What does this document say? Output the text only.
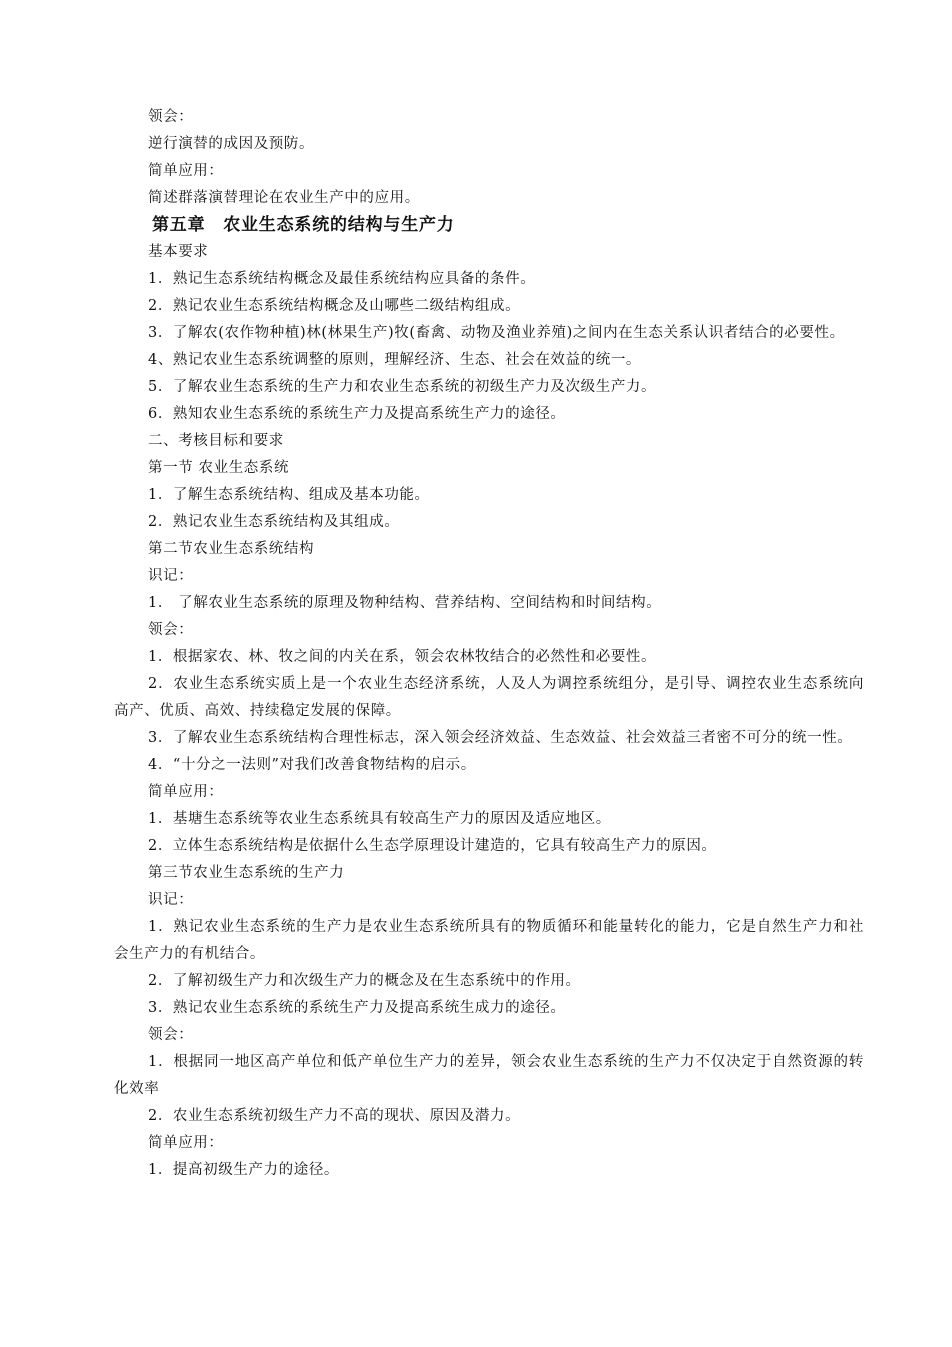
领会：
逆行演替的成因及预防。
简单应用：
简述群落演替理论在农业生产中的应用。
第五章　农业生态系统的结构与生产力
基本要求
1．熟记生态系统结构概念及最佳系统结构应具备的条件。
2．熟记农业生态系统结构概念及山哪些二级结构组成。
3．了解农(农作物种植)林(林果生产)牧(畜禽、动物及渔业养殖)之间内在生态关系认识者结合的必要性。
4、熟记农业生态系统调整的原则，理解经济、生态、社会在效益的统一。
5．了解农业生态系统的生产力和农业生态系统的初级生产力及次级生产力。
6．熟知农业生态系统的系统生产力及提高系统生产力的途径。
二、考核目标和要求
第一节 农业生态系统
1．了解生态系统结构、组成及基本功能。
2．熟记农业生态系统结构及其组成。
第二节农业生态系统结构
识记：
1． 了解农业生态系统的原理及物种结构、营养结构、空间结构和时间结构。
领会：
1．根据家农、林、牧之间的内关在系，领会农林牧结合的必然性和必要性。
2．农业生态系统实质上是一个农业生态经济系统，人及人为调控系统组分，是引导、调控农业生态系统向高产、优质、高效、持续稳定发展的保障。
3．了解农业生态系统结构合理性标志，深入领会经济效益、生态效益、社会效益三者密不可分的统一性。
4．“十分之一法则”对我们改善食物结构的启示。
简单应用：
1．基塘生态系统等农业生态系统具有较高生产力的原因及适应地区。
2．立体生态系统结构是依据什么生态学原理设计建造的，它具有较高生产力的原因。
第三节农业生态系统的生产力
识记：
1．熟记农业生态系统的生产力是农业生态系统所具有的物质循环和能量转化的能力，它是自然生产力和社会生产力的有机结合。
2．了解初级生产力和次级生产力的概念及在生态系统中的作用。
3．熟记农业生态系统的系统生产力及提高系统生成力的途径。
领会：
1．根据同一地区高产单位和低产单位生产力的差异，领会农业生态系统的生产力不仅决定于自然资源的转化效率
2．农业生态系统初级生产力不高的现状、原因及潜力。
简单应用：
1．提高初级生产力的途径。
